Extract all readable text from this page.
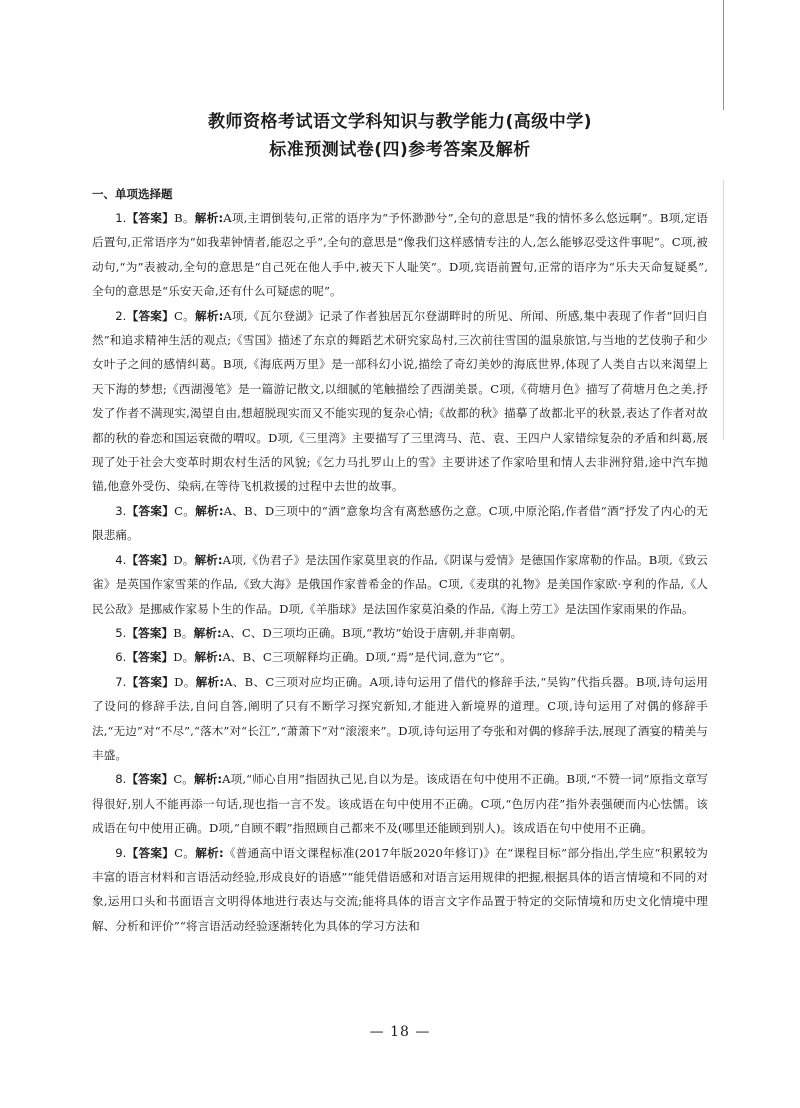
教师资格考试语文学科知识与教学能力(高级中学)
标准预测试卷(四)参考答案及解析
一、单项选择题

1.【答案】B。解析:A项,主谓倒装句,正常的语序为“予怀渺渺兮”,全句的意思是“我的情怀多么悠远啊”。B项,定语后置句,正常语序为“如我辈钟情者,能忍之乎”,全句的意思是“像我们这样感情专注的人,怎么能够忍受这件事呢”。C项,被动句,“为”表被动,全句的意思是“自己死在他人手中,被天下人耻笑”。D项,宾语前置句,正常的语序为“乐夫天命复疑奚”,全句的意思是“乐安天命,还有什么可疑虑的呢”。

2.【答案】C。解析:A项,《瓦尔登湖》记录了作者独居瓦尔登湖畔时的所见、所闻、所感,集中表现了作者“回归自然”和追求精神生活的观点;《雪国》描述了东京的舞蹈艺术研究家岛村,三次前往雪国的温泉旅馆,与当地的艺伎驹子和少女叶子之间的感情纠葛。B项,《海底两万里》是一部科幻小说,描绘了奇幻美妙的海底世界,体现了人类自古以来渴望上天下海的梦想;《西湖漫笔》是一篇游记散文,以细腻的笔触描绘了西湖美景。C项,《荷塘月色》描写了荷塘月色之美,抒发了作者不满现实,渴望自由,想超脱现实而又不能实现的复杂心情;《故都的秋》描摹了故都北平的秋景,表达了作者对故都的秋的眷恋和国运衰微的喟叹。D项,《三里湾》主要描写了三里湾马、范、袁、王四户人家错综复杂的矛盾和纠葛,展现了处于社会大变革时期农村生活的风貌;《乞力马扎罗山上的雪》主要讲述了作家哈里和情人去非洲狩猎,途中汽车抛锚,他意外受伤、染病,在等待飞机救援的过程中去世的故事。

3.【答案】C。解析:A、B、D三项中的“酒”意象均含有离愁感伤之意。C项,中原沦陷,作者借“酒”抒发了内心的无限悲痛。

4.【答案】D。解析:A项,《伪君子》是法国作家莫里哀的作品,《阴谋与爱情》是德国作家席勒的作品。B项,《致云雀》是英国作家雪莱的作品,《致大海》是俄国作家普希金的作品。C项,《麦琪的礼物》是美国作家欧·亨利的作品,《人民公敌》是挪威作家易卜生的作品。D项,《羊脂球》是法国作家莫泊桑的作品,《海上劳工》是法国作家雨果的作品。

5.【答案】B。解析:A、C、D三项均正确。B项,“教坊”始设于唐朝,并非南朝。

6.【答案】D。解析:A、B、C三项解释均正确。D项,“焉”是代词,意为“它”。

7.【答案】D。解析:A、B、C三项对应均正确。A项,诗句运用了借代的修辞手法,“吴钩”代指兵器。B项,诗句运用了设问的修辞手法,自问自答,阐明了只有不断学习探究新知,才能进入新境界的道理。C项,诗句运用了对偶的修辞手法,“无边”对“不尽”,“落木”对“长江”,“萧萧下”对“滚滚来”。D项,诗句运用了夸张和对偶的修辞手法,展现了酒宴的精美与丰盛。

8.【答案】C。解析:A项,“师心自用”指固执己见,自以为是。该成语在句中使用不正确。B项,“不赞一词”原指文章写得很好,别人不能再添一句话,现也指一言不发。该成语在句中使用不正确。C项,“色厉内荏”指外表强硬而内心怯懦。该成语在句中使用正确。D项,“自顾不暇”指照顾自己都来不及(哪里还能顾到别人)。该成语在句中使用不正确。

9.【答案】C。解析:《普通高中语文课程标准(2017年版2020年修订)》在“课程目标”部分指出,学生应“积累较为丰富的语言材料和言语活动经验,形成良好的语感”“能凭借语感和对语言运用规律的把握,根据具体的语言情境和不同的对象,运用口头和书面语言文明得体地进行表达与交流;能将具体的语言文字作品置于特定的交际情境和历史文化情境中理解、分析和评价”“将言语活动经验逐渐转化为具体的学习方法和

— 18 —
